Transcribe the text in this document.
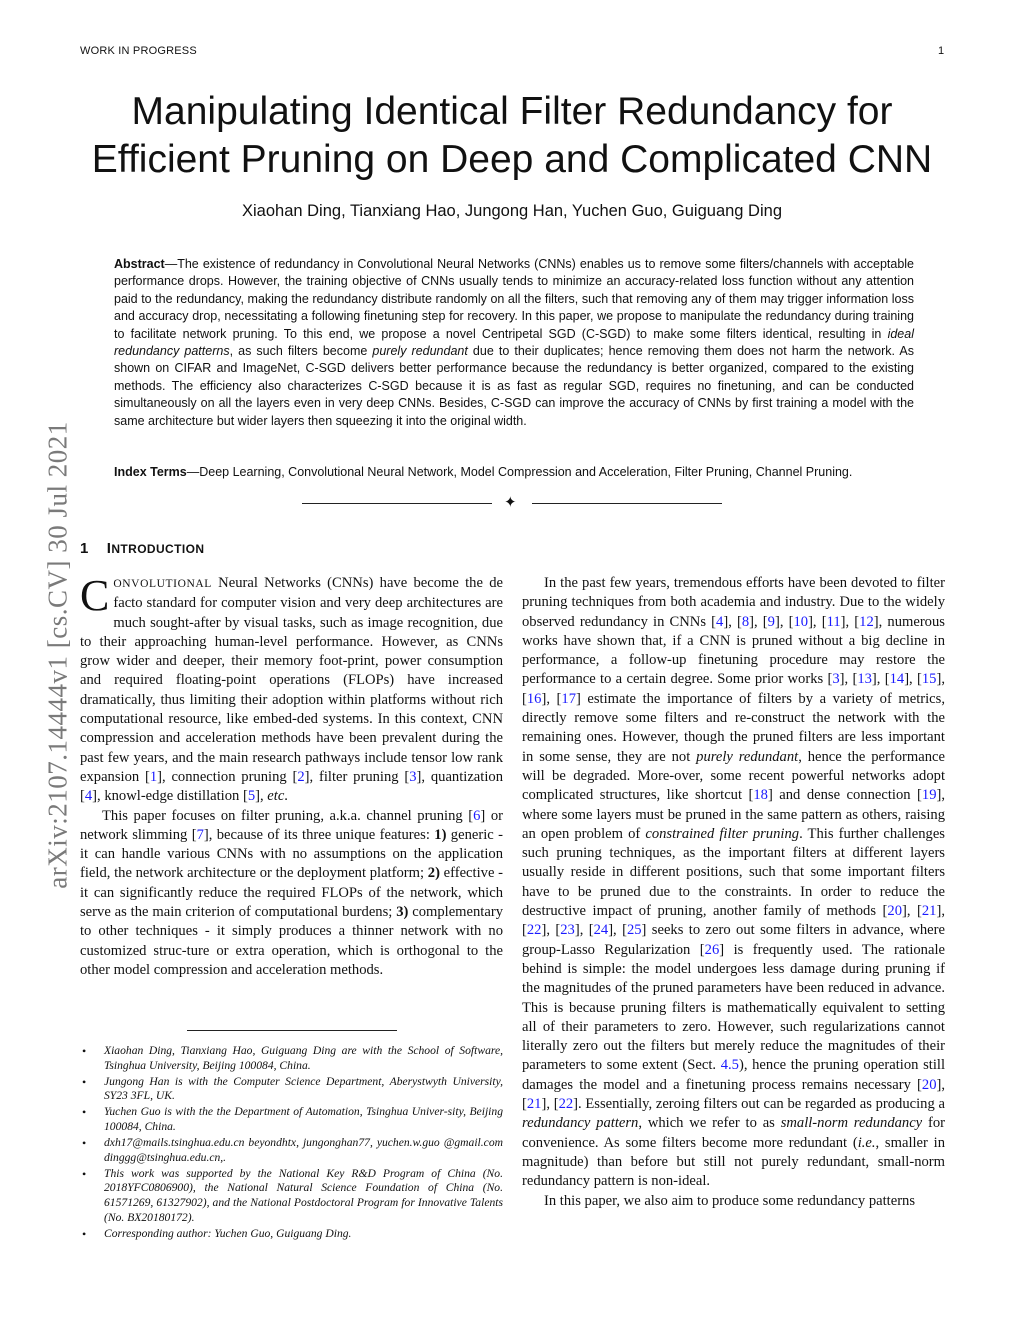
WORK IN PROGRESS	1
Manipulating Identical Filter Redundancy for
Efficient Pruning on Deep and Complicated CNN
Xiaohan Ding, Tianxiang Hao, Jungong Han, Yuchen Guo, Guiguang Ding
Abstract—The existence of redundancy in Convolutional Neural Networks (CNNs) enables us to remove some filters/channels with acceptable performance drops. However, the training objective of CNNs usually tends to minimize an accuracy-related loss function without any attention paid to the redundancy, making the redundancy distribute randomly on all the filters, such that removing any of them may trigger information loss and accuracy drop, necessitating a following finetuning step for recovery. In this paper, we propose to manipulate the redundancy during training to facilitate network pruning. To this end, we propose a novel Centripetal SGD (C-SGD) to make some filters identical, resulting in ideal redundancy patterns, as such filters become purely redundant due to their duplicates; hence removing them does not harm the network. As shown on CIFAR and ImageNet, C-SGD delivers better performance because the redundancy is better organized, compared to the existing methods. The efficiency also characterizes C-SGD because it is as fast as regular SGD, requires no finetuning, and can be conducted simultaneously on all the layers even in very deep CNNs. Besides, C-SGD can improve the accuracy of CNNs by first training a model with the same architecture but wider layers then squeezing it into the original width.
Index Terms—Deep Learning, Convolutional Neural Network, Model Compression and Acceleration, Filter Pruning, Channel Pruning.
✦
1 INTRODUCTION

CONVOLUTIONAL Neural Networks (CNNs) have become the de facto standard for computer vision and very deep architectures are much sought-after by visual tasks, such as image recognition, due to their approaching human-level performance. However, as CNNs grow wider and deeper, their memory foot-print, power consumption and required floating-point operations (FLOPs) have increased dramatically, thus limiting their adoption within platforms without rich computational resource, like embed-ded systems. In this context, CNN compression and acceleration methods have been prevalent during the past few years, and the main research pathways include tensor low rank expansion [1], connection pruning [2], filter pruning [3], quantization [4], knowl-edge distillation [5], etc.

This paper focuses on filter pruning, a.k.a. channel pruning [6] or network slimming [7], because of its three unique features: 1) generic - it can handle various CNNs with no assumptions on the application field, the network architecture or the deployment platform; 2) effective - it can significantly reduce the required FLOPs of the network, which serve as the main criterion of computational burdens; 3) complementary to other techniques - it simply produces a thinner network with no customized struc-ture or extra operation, which is orthogonal to the other model compression and acceleration methods.

• Xiaohan Ding, Tianxiang Hao, Guiguang Ding are with the School of Software, Tsinghua University, Beijing 100084, China.
• Jungong Han is with the Computer Science Department, Aberystwyth University, SY23 3FL, UK.
• Yuchen Guo is with the the Department of Automation, Tsinghua Univer-sity, Beijing 100084, China.
• dxh17@mails.tsinghua.edu.cn beyondhtx, jungonghan77, yuchen.w.guo @gmail.com dinggg@tsinghua.edu.cn,.
• This work was supported by the National Key R&D Program of China (No. 2018YFC0806900), the National Natural Science Foundation of China (No. 61571269, 61327902), and the National Postdoctoral Program for Innovative Talents (No. BX20180172).
• Corresponding author: Yuchen Guo, Guiguang Ding.

In the past few years, tremendous efforts have been devoted to filter pruning techniques from both academia and industry. Due to the widely observed redundancy in CNNs [4], [8], [9], [10], [11], [12], numerous works have shown that, if a CNN is pruned without a big decline in performance, a follow-up finetuning procedure may restore the performance to a certain degree. Some prior works [3], [13], [14], [15], [16], [17] estimate the importance of filters by a variety of metrics, directly remove some filters and re-construct the network with the remaining ones. However, though the pruned filters are less important in some sense, they are not purely redundant, hence the performance will be degraded. More-over, some recent powerful networks adopt complicated structures, like shortcut [18] and dense connection [19], where some layers must be pruned in the same pattern as others, raising an open problem of constrained filter pruning. This further challenges such pruning techniques, as the important filters at different layers usually reside in different positions, such that some important filters have to be pruned due to the constraints. In order to reduce the destructive impact of pruning, another family of methods [20], [21], [22], [23], [24], [25] seeks to zero out some filters in advance, where group-Lasso Regularization [26] is frequently used. The rationale behind is simple: the model undergoes less damage during pruning if the magnitudes of the pruned parameters have been reduced in advance. This is because pruning filters is mathematically equivalent to setting all of their parameters to zero. However, such regularizations cannot literally zero out the filters but merely reduce the magnitudes of their parameters to some extent (Sect. 4.5), hence the pruning operation still damages the model and a finetuning process remains necessary [20], [21], [22]. Essentially, zeroing filters out can be regarded as producing a redundancy pattern, which we refer to as small-norm redundancy for convenience. As some filters become more redundant (i.e., smaller in magnitude) than before but still not purely redundant, small-norm redundancy pattern is non-ideal.

In this paper, we also aim to produce some redundancy patterns

arXiv:2107.14444v1 [cs.CV] 30 Jul 2021
